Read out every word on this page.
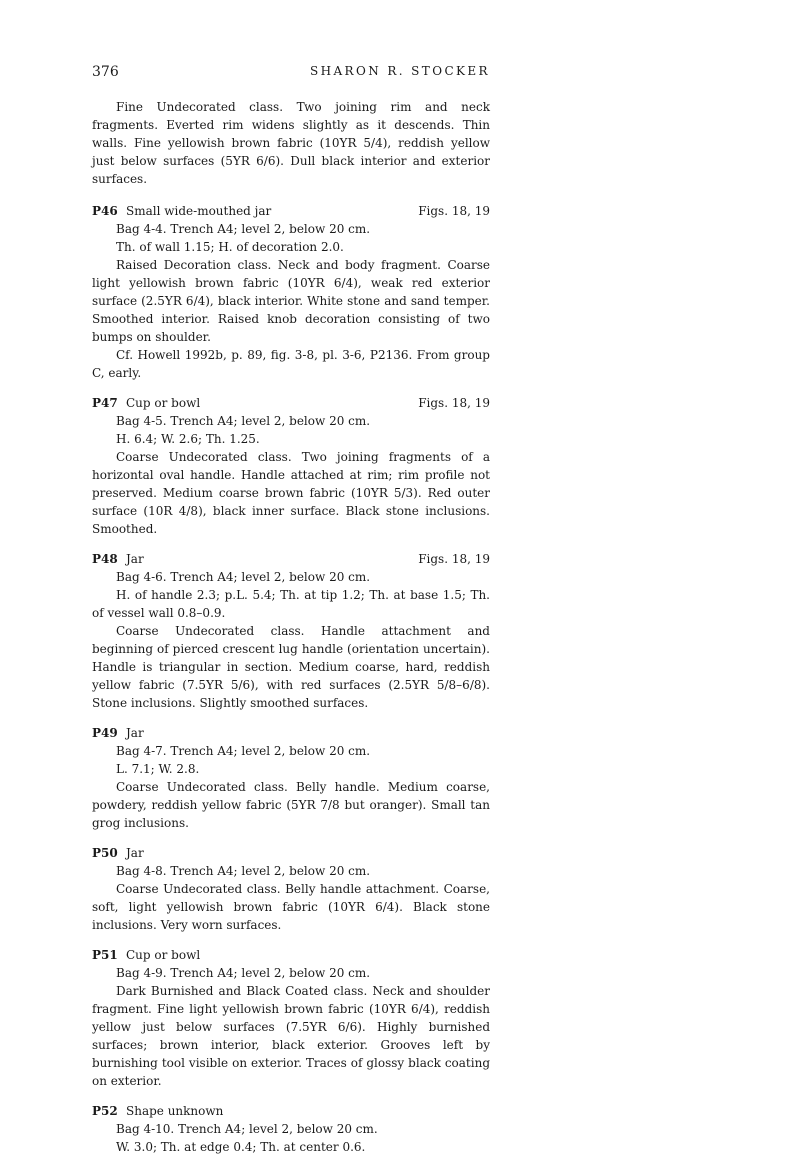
376	SHARON R. STOCKER

Fine Undecorated class. Two joining rim and neck fragments. Everted rim widens slightly as it descends. Thin walls. Fine yellowish brown fabric (10YR 5/4), reddish yellow just below surfaces (5YR 6/6). Dull black interior and exterior surfaces.

P46 Small wide-mouthed jar	Figs. 18, 19

Bag 4-4. Trench A4; level 2, below 20 cm.

Th. of wall 1.15; H. of decoration 2.0.

Raised Decoration class. Neck and body fragment. Coarse light yellowish brown fabric (10YR 6/4), weak red exterior surface (2.5YR 6/4), black interior. White stone and sand temper. Smoothed interior. Raised knob decoration consisting of two bumps on shoulder.

Cf. Howell 1992b, p. 89, fig. 3-8, pl. 3-6, P2136. From group C, early.

P47 Cup or bowl	Figs. 18, 19

Bag 4-5. Trench A4; level 2, below 20 cm.

H. 6.4; W. 2.6; Th. 1.25.

Coarse Undecorated class. Two joining fragments of a horizontal oval handle. Handle attached at rim; rim profile not preserved. Medium coarse brown fabric (10YR 5/3). Red outer surface (10R 4/8), black inner surface. Black stone inclusions. Smoothed.

P48 Jar	Figs. 18, 19

Bag 4-6. Trench A4; level 2, below 20 cm.

H. of handle 2.3; p.L. 5.4; Th. at tip 1.2; Th. at base 1.5; Th. of vessel wall 0.8–0.9.

Coarse Undecorated class. Handle attachment and beginning of pierced crescent lug handle (orientation uncertain). Handle is triangular in section. Medium coarse, hard, reddish yellow fabric (7.5YR 5/6), with red surfaces (2.5YR 5/8–6/8). Stone inclusions. Slightly smoothed surfaces.

P49 Jar

Bag 4-7. Trench A4; level 2, below 20 cm.

L. 7.1; W. 2.8.

Coarse Undecorated class. Belly handle. Medium coarse, powdery, reddish yellow fabric (5YR 7/8 but oranger). Small tan grog inclusions.

P50 Jar

Bag 4-8. Trench A4; level 2, below 20 cm.

Coarse Undecorated class. Belly handle attachment. Coarse, soft, light yellowish brown fabric (10YR 6/4). Black stone inclusions. Very worn surfaces.

P51 Cup or bowl

Bag 4-9. Trench A4; level 2, below 20 cm.

Dark Burnished and Black Coated class. Neck and shoulder fragment. Fine light yellowish brown fabric (10YR 6/4), reddish yellow just below surfaces (7.5YR 6/6). Highly burnished surfaces; brown interior, black exterior. Grooves left by burnishing tool visible on exterior. Traces of glossy black coating on exterior.

P52 Shape unknown

Bag 4-10. Trench A4; level 2, below 20 cm.

W. 3.0; Th. at edge 0.4; Th. at center 0.6.
